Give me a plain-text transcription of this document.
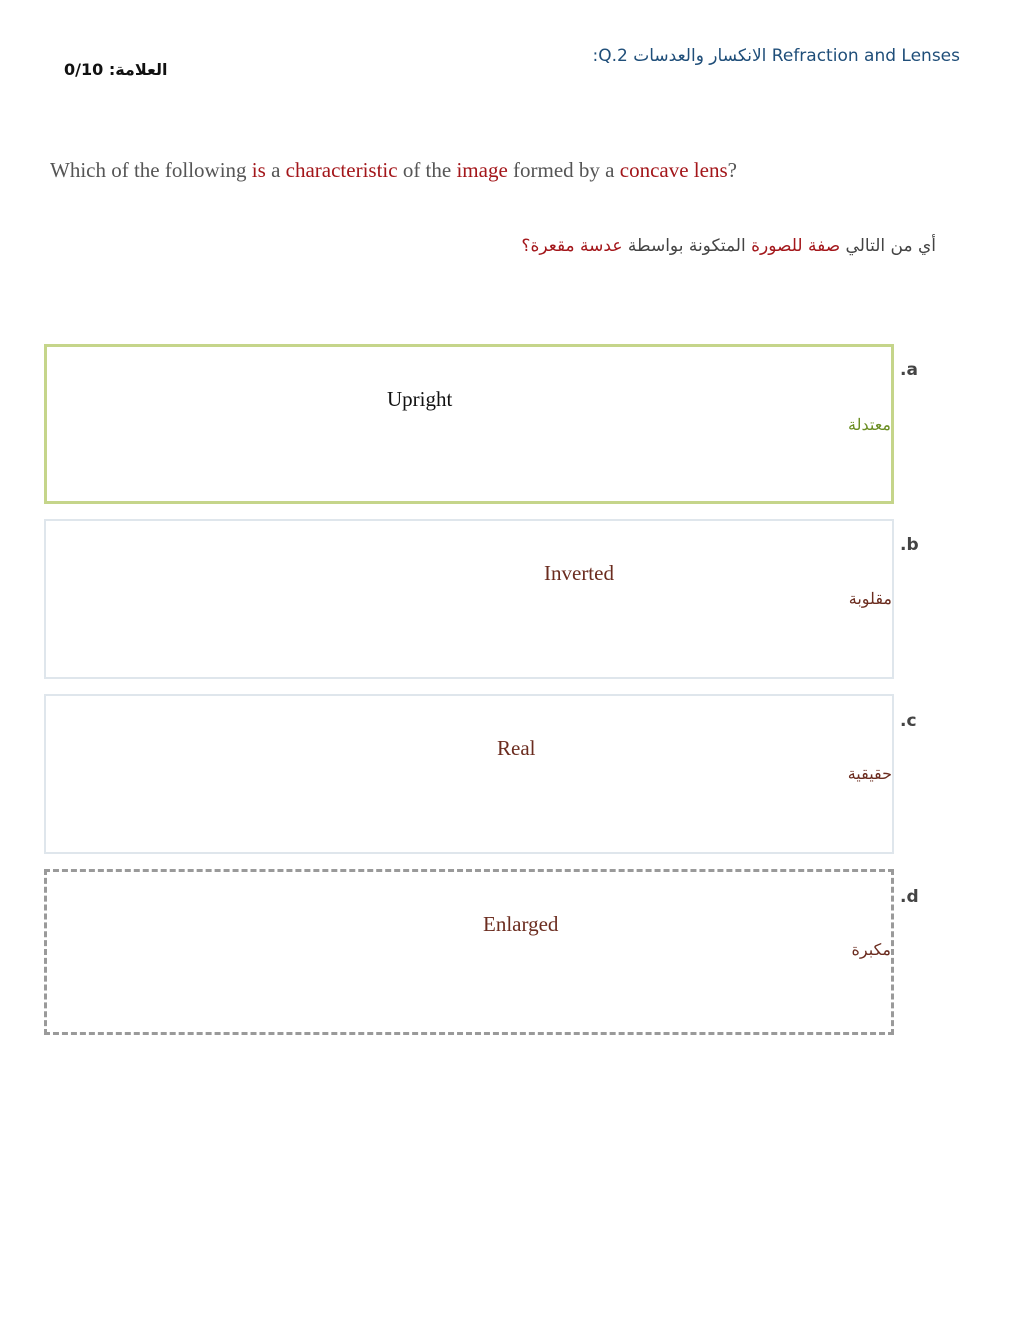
العلامة: 0/10
:Q.2 الانكسار والعدسات Refraction and Lenses
Which of the following is a characteristic of the image formed by a concave lens?
أي من التالي صفة للصورة المتكونة بواسطة عدسة مقعرة؟
Upright
معتدلة
.a
Inverted
مقلوبة
.b
Real
حقيقية
.c
Enlarged
مكبرة
.d
